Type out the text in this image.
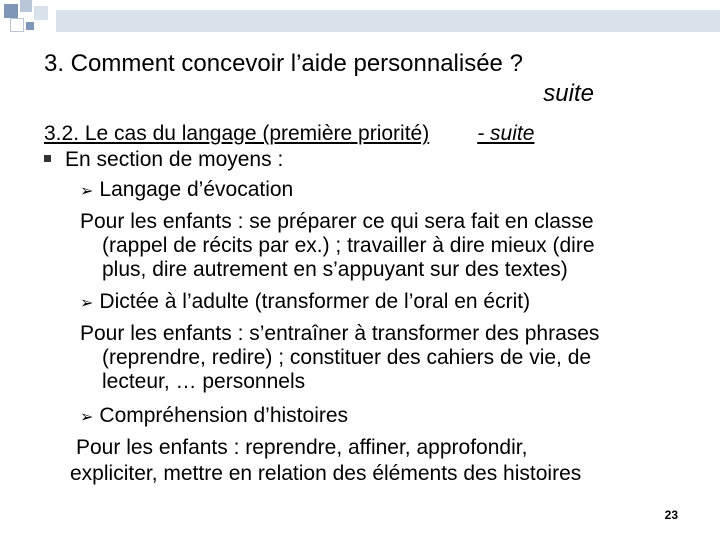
3. Comment concevoir l’aide personnalisée ?
suite
3.2. Le cas du langage (première priorité) - suite
En section de moyens :
➢ Langage d’évocation
Pour les enfants : se préparer ce qui sera fait en classe
(rappel de récits par ex.) ; travailler à dire mieux (dire
plus, dire autrement en s’appuyant sur des textes)
➢ Dictée à l’adulte (transformer de l’oral en écrit)
Pour les enfants : s’entraîner à transformer des phrases
(reprendre, redire) ; constituer des cahiers de vie, de
lecteur, … personnels
➢ Compréhension d’histoires
Pour les enfants : reprendre, affiner, approfondir,
expliciter, mettre en relation des éléments des histoires
23
